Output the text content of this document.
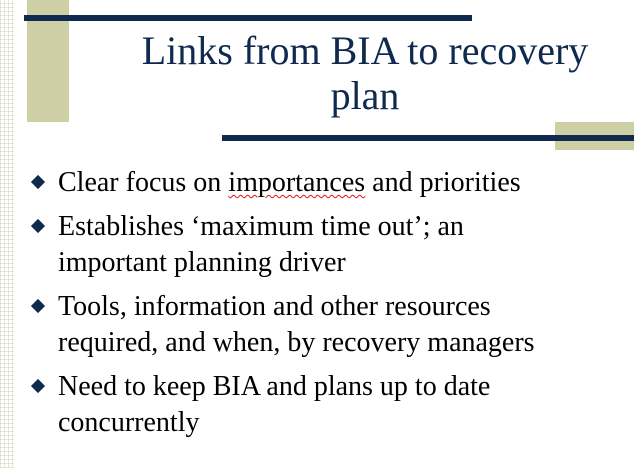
Links from BIA to recovery
plan
Clear focus on importances and priorities
Establishes ‘maximum time out’; an
important planning driver
Tools, information and other resources
required, and when, by recovery managers
Need to keep BIA and plans up to date
concurrently
